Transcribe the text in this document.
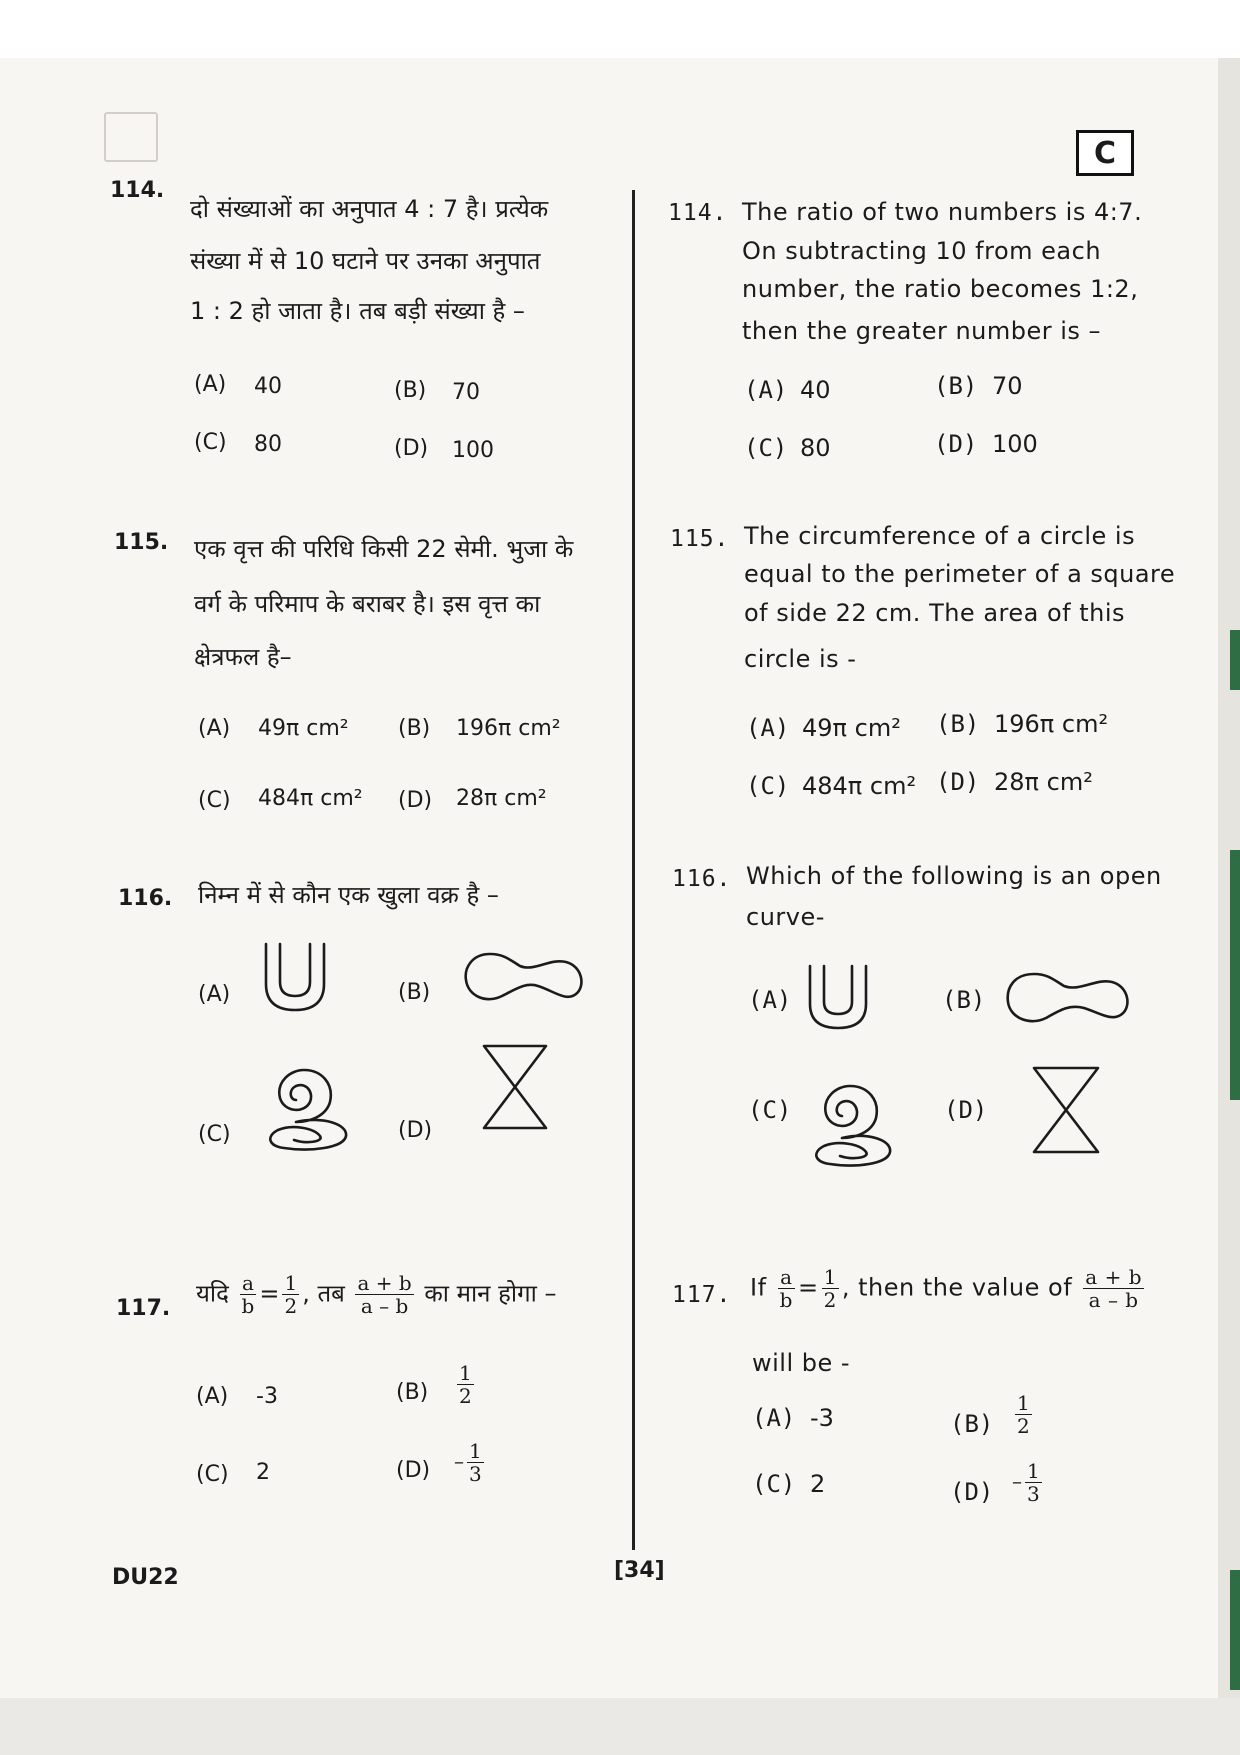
C
114.
दो संख्याओं का अनुपात 4 : 7 है। प्रत्येक
संख्या में से 10 घटाने पर उनका अनुपात
1 : 2 हो जाता है। तब बड़ी संख्या है –
(A) 40	(B) 70
(C) 80	(D) 100
114. The ratio of two numbers is 4:7.
On subtracting 10 from each
number, the ratio becomes 1:2,
then the greater number is –
(A) 40	(B) 70
(C) 80	(D) 100
115. एक वृत्त की परिधि किसी 22 सेमी. भुजा के
वर्ग के परिमाप के बराबर है। इस वृत्त का
क्षेत्रफल है–
(A) 49π cm² (B) 196π cm²
(C) 484π cm² (D) 28π cm²
115. The circumference of a circle is
equal to the perimeter of a square
of side 22 cm. The area of this
circle is -
(A) 49π cm² (B) 196π cm²
(C) 484π cm² (D) 28π cm²
116. निम्न में से कौन एक खुला वक्र है –
(A)	(B)
(C)	(D)
116. Which of the following is an open
curve-
(A)	(B)
(C)	(D)
117.
यदि $\frac{a}{b} = \frac{1}{2}$ , तब $\frac{a + b}{a - b}$ का मान होगा –
(A) -3	$(B) \frac{1}{2}$
(C) 2	$(D) - \frac{1}{3}$
117. If $\frac{a}{b} = \frac{1}{2}$ , then the value of $\frac{a + b}{a - b}$
will be -
(A) -3	$(B) \frac{1}{2}$
(C) 2	$(D) - \frac{1}{3}$
DU22	[34]
